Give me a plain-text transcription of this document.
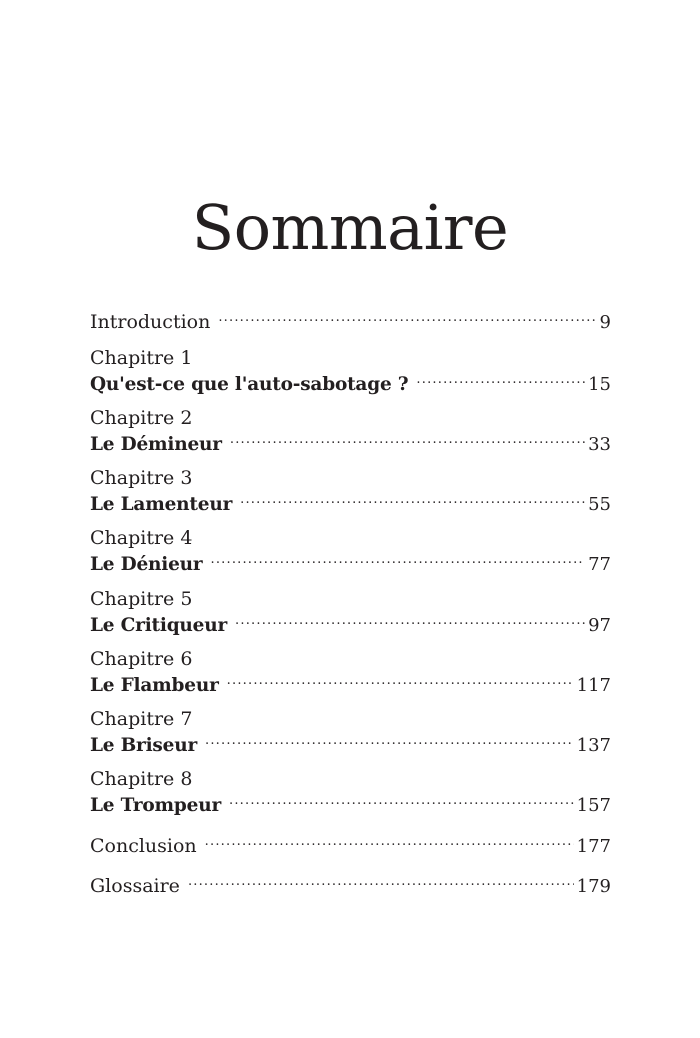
Sommaire
Introduction .....	9
Chapitre 1
Qu'est-ce que l'auto-sabotage ? .....	15
Chapitre 2
Le Démineur .....	33
Chapitre 3
Le Lamenteur .....	55
Chapitre 4
Le Dénieur .....	77
Chapitre 5
Le Critiqueur .....	97
Chapitre 6
Le Flambeur .....	117
Chapitre 7
Le Briseur .....	137
Chapitre 8
Le Trompeur .....	157
Conclusion .....	177
Glossaire .....	179
